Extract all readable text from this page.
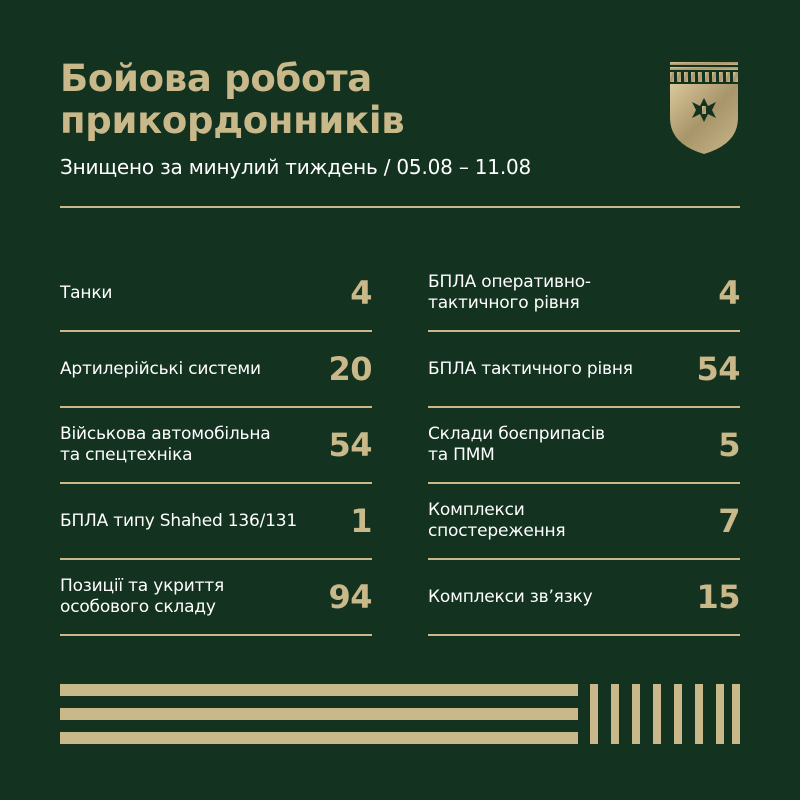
Бойова робота
прикордонників
Знищено за минулий тиждень / 05.08 – 11.08
Танки	4
Артилерійські системи 20
Військова автомобільна
та спецтехніка	54
БПЛА типу Shahed 136/131 1
Позиції та укриття
особового складу	94
БПЛА оперативно-
тактичного рівня	4
БПЛА тактичного рівня 54
Склади боєприпасів
та ПММ	5
Комплекси
спостереження	7
Комплекси зв’язку	15
